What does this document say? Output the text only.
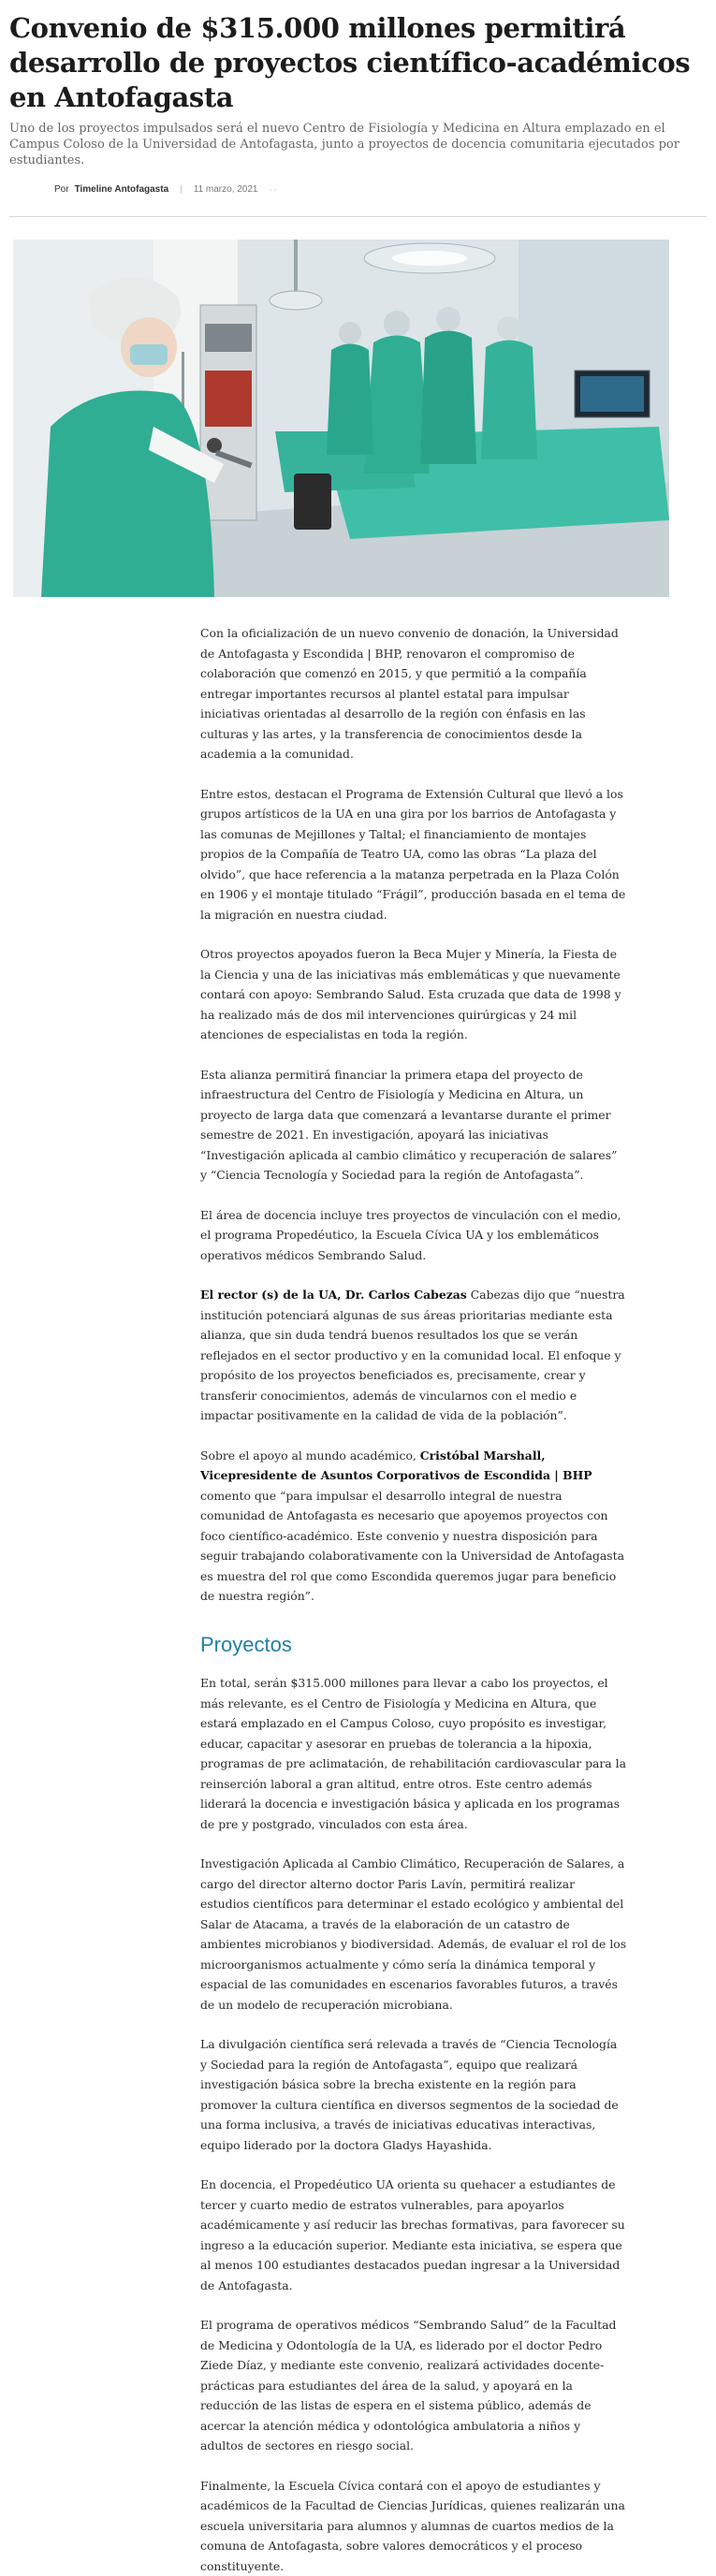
Convenio de $315.000 millones permitirá desarrollo de proyectos científico-académicos en Antofagasta

Uno de los proyectos impulsados será el nuevo Centro de Fisiología y Medicina en Altura emplazado en el Campus Coloso de la Universidad de Antofagasta, junto a proyectos de docencia comunitaria ejecutados por estudiantes.

Por Timeline Antofagasta	|	11 marzo, 2021	◦◦

Con la oficialización de un nuevo convenio de donación, la Universidad de Antofagasta y Escondida | BHP, renovaron el compromiso de colaboración que comenzó en 2015, y que permitió a la compañía entregar importantes recursos al plantel estatal para impulsar iniciativas orientadas al desarrollo de la región con énfasis en las culturas y las artes, y la transferencia de conocimientos desde la academia a la comunidad.

Entre estos, destacan el Programa de Extensión Cultural que llevó a los grupos artísticos de la UA en una gira por los barrios de Antofagasta y las comunas de Mejillones y Taltal; el financiamiento de montajes propios de la Compañía de Teatro UA, como las obras “La plaza del olvido”, que hace referencia a la matanza perpetrada en la Plaza Colón en 1906 y el montaje titulado “Frágil”, producción basada en el tema de la migración en nuestra ciudad.

Otros proyectos apoyados fueron la Beca Mujer y Minería, la Fiesta de la Ciencia y una de las iniciativas más emblemáticas y que nuevamente contará con apoyo: Sembrando Salud. Esta cruzada que data de 1998 y ha realizado más de dos mil intervenciones quirúrgicas y 24 mil atenciones de especialistas en toda la región.

Esta alianza permitirá financiar la primera etapa del proyecto de infraestructura del Centro de Fisiología y Medicina en Altura, un proyecto de larga data que comenzará a levantarse durante el primer semestre de 2021. En investigación, apoyará las iniciativas “Investigación aplicada al cambio climático y recuperación de salares” y “Ciencia Tecnología y Sociedad para la región de Antofagasta”.

El área de docencia incluye tres proyectos de vinculación con el medio, el programa Propedéutico, la Escuela Cívica UA y los emblemáticos operativos médicos Sembrando Salud.

El rector (s) de la UA, Dr. Carlos Cabezas Cabezas dijo que “nuestra institución potenciará algunas de sus áreas prioritarias mediante esta alianza, que sin duda tendrá buenos resultados los que se verán reflejados en el sector productivo y en la comunidad local. El enfoque y propósito de los proyectos beneficiados es, precisamente, crear y transferir conocimientos, además de vincularnos con el medio e impactar positivamente en la calidad de vida de la población”.

Sobre el apoyo al mundo académico, Cristóbal Marshall, Vicepresidente de Asuntos Corporativos de Escondida | BHP comento que “para impulsar el desarrollo integral de nuestra comunidad de Antofagasta es necesario que apoyemos proyectos con foco científico-académico. Este convenio y nuestra disposición para seguir trabajando colaborativamente con la Universidad de Antofagasta es muestra del rol que como Escondida queremos jugar para beneficio de nuestra región”.

Proyectos

En total, serán $315.000 millones para llevar a cabo los proyectos, el más relevante, es el Centro de Fisiología y Medicina en Altura, que estará emplazado en el Campus Coloso, cuyo propósito es investigar, educar, capacitar y asesorar en pruebas de tolerancia a la hipoxia, programas de pre aclimatación, de rehabilitación cardiovascular para la reinserción laboral a gran altitud, entre otros. Este centro además liderará la docencia e investigación básica y aplicada en los programas de pre y postgrado, vinculados con esta área.

Investigación Aplicada al Cambio Climático, Recuperación de Salares, a cargo del director alterno doctor Paris Lavín, permitirá realizar estudios científicos para determinar el estado ecológico y ambiental del Salar de Atacama, a través de la elaboración de un catastro de ambientes microbianos y biodiversidad. Además, de evaluar el rol de los microorganismos actualmente y cómo sería la dinámica temporal y espacial de las comunidades en escenarios favorables futuros, a través de un modelo de recuperación microbiana.

La divulgación científica será relevada a través de “Ciencia Tecnología y Sociedad para la región de Antofagasta”, equipo que realizará investigación básica sobre la brecha existente en la región para promover la cultura científica en diversos segmentos de la sociedad de una forma inclusiva, a través de iniciativas educativas interactivas, equipo liderado por la doctora Gladys Hayashida.

En docencia, el Propedéutico UA orienta su quehacer a estudiantes de tercer y cuarto medio de estratos vulnerables, para apoyarlos académicamente y así reducir las brechas formativas, para favorecer su ingreso a la educación superior. Mediante esta iniciativa, se espera que al menos 100 estudiantes destacados puedan ingresar a la Universidad de Antofagasta.

El programa de operativos médicos “Sembrando Salud” de la Facultad de Medicina y Odontología de la UA, es liderado por el doctor Pedro Ziede Díaz, y mediante este convenio, realizará actividades docente-prácticas para estudiantes del área de la salud, y apoyará en la reducción de las listas de espera en el sistema público, además de acercar la atención médica y odontológica ambulatoria a niños y adultos de sectores en riesgo social.

Finalmente, la Escuela Cívica contará con el apoyo de estudiantes y académicos de la Facultad de Ciencias Jurídicas, quienes realizarán una escuela universitaria para alumnos y alumnas de cuartos medios de la comuna de Antofagasta, sobre valores democráticos y el proceso constituyente.
